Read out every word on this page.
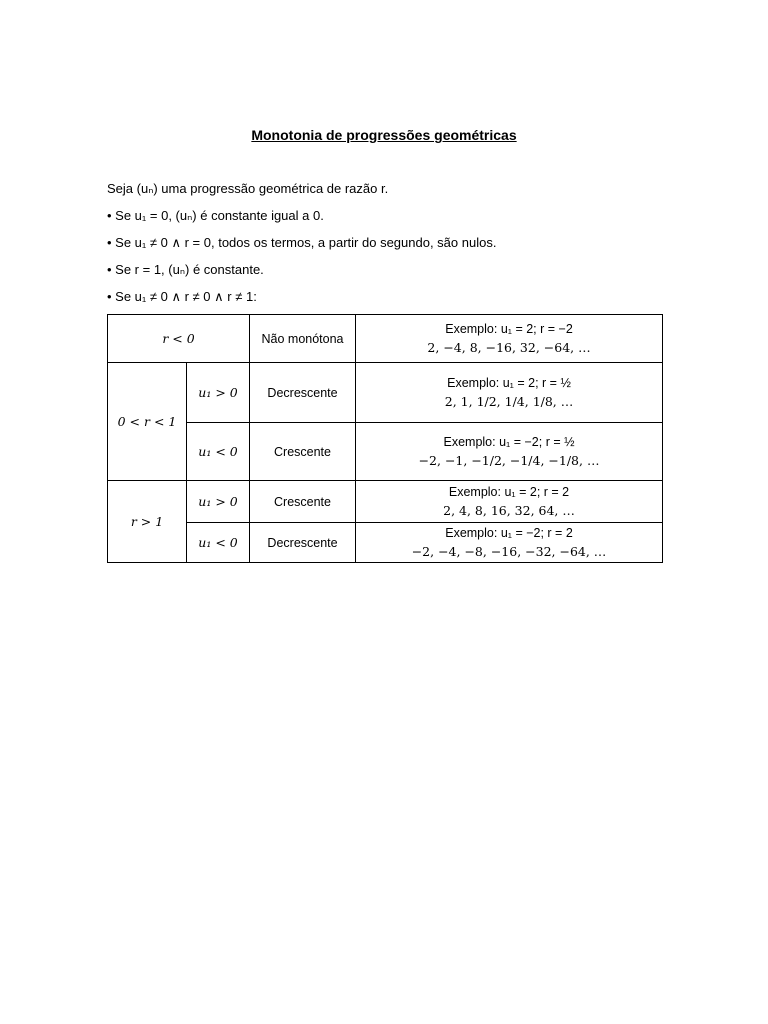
Monotonia de progressões geométricas
Seja (uₙ) uma progressão geométrica de razão r.
• Se u₁ = 0, (uₙ) é constante igual a 0.
• Se u₁ ≠ 0 ∧ r = 0, todos os termos, a partir do segundo, são nulos.
• Se r = 1, (uₙ) é constante.
• Se u₁ ≠ 0 ∧ r ≠ 0 ∧ r ≠ 1:
r < 0		Não monótona	Exemplo: u₁ = 2; r = −2
2, −4, 8, −16, 32, −64, …

0 < r < 1	u₁ > 0	Decrescente	Exemplo: u₁ = 2; r = ½
2, 1, 1/2, 1/4, 1/8, …

	u₁ < 0	Crescente	Exemplo: u₁ = −2; r = ½
−2, −1, −1/2, −1/4, −1/8, …

r > 1	u₁ > 0	Crescente	Exemplo: u₁ = 2; r = 2
2, 4, 8, 16, 32, 64, …

	u₁ < 0	Decrescente	Exemplo: u₁ = −2; r = 2
−2, −4, −8, −16, −32, −64, …
